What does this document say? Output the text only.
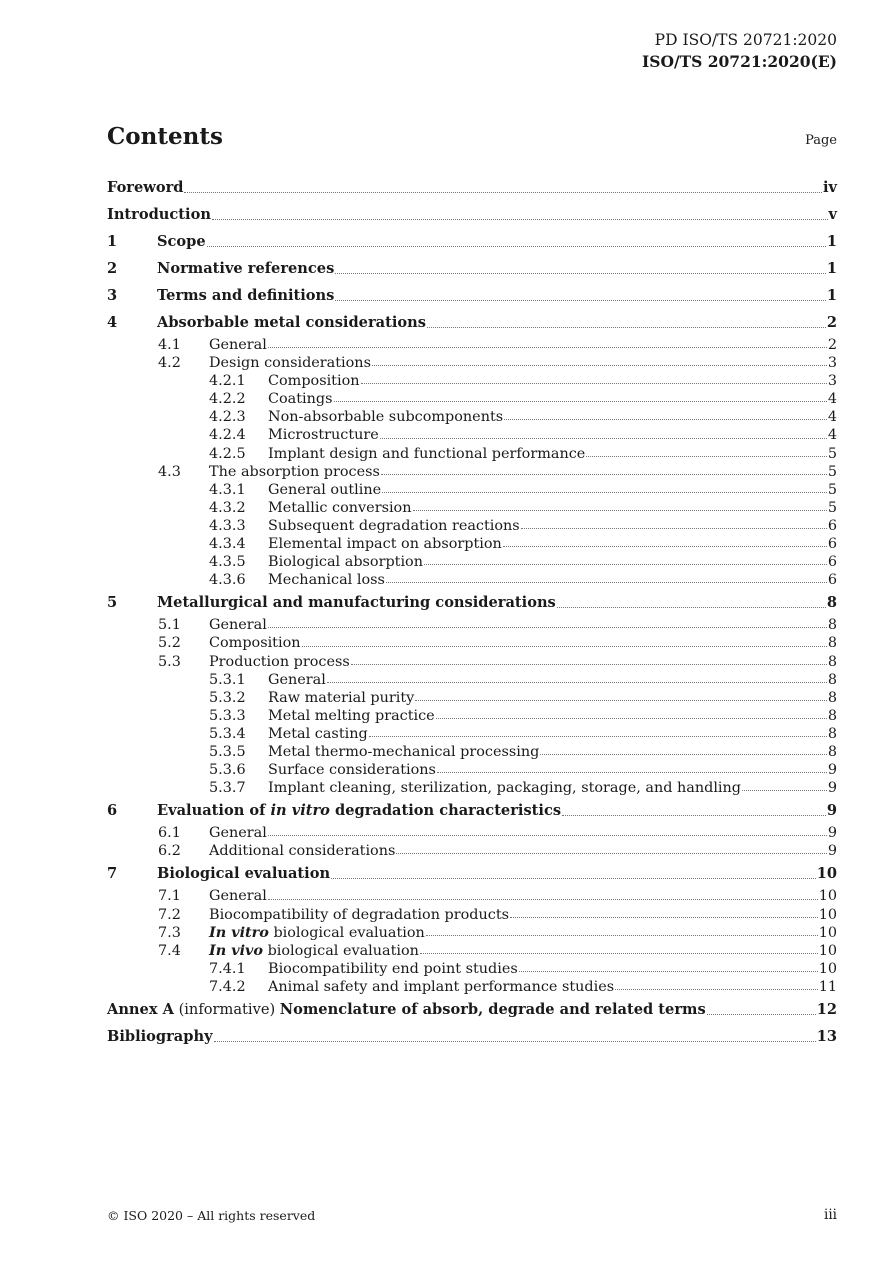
PD ISO/TS 20721:2020
ISO/TS 20721:2020(E)
Contents	Page
Foreword	iv
Introduction	v
1	Scope	1
2	Normative references	1
3	Terms and definitions	1
4	Absorbable metal considerations	2
4.1	General	2
4.2	Design considerations	3
4.2.1	Composition	3
4.2.2	Coatings	4
4.2.3	Non-absorbable subcomponents	4
4.2.4	Microstructure	4
4.2.5	Implant design and functional performance	5
4.3	The absorption process	5
4.3.1	General outline	5
4.3.2	Metallic conversion	5
4.3.3	Subsequent degradation reactions	6
4.3.4	Elemental impact on absorption	6
4.3.5	Biological absorption	6
4.3.6	Mechanical loss	6
5	Metallurgical and manufacturing considerations	8
5.1	General	8
5.2	Composition	8
5.3	Production process	8
5.3.1	General	8
5.3.2	Raw material purity	8
5.3.3	Metal melting practice	8
5.3.4	Metal casting	8
5.3.5	Metal thermo-mechanical processing	8
5.3.6	Surface considerations	9
5.3.7	Implant cleaning, sterilization, packaging, storage, and handling	9
6	Evaluation of in vitro degradation characteristics	9
6.1	General	9
6.2	Additional considerations	9
7	Biological evaluation	10
7.1	General	10
7.2	Biocompatibility of degradation products	10
7.3	In vitro biological evaluation	10
7.4	In vivo biological evaluation	10
7.4.1	Biocompatibility end point studies	10
7.4.2	Animal safety and implant performance studies	11
Annex A (informative) Nomenclature of absorb, degrade and related terms	12
Bibliography	13
© ISO 2020 – All rights reserved	iii
